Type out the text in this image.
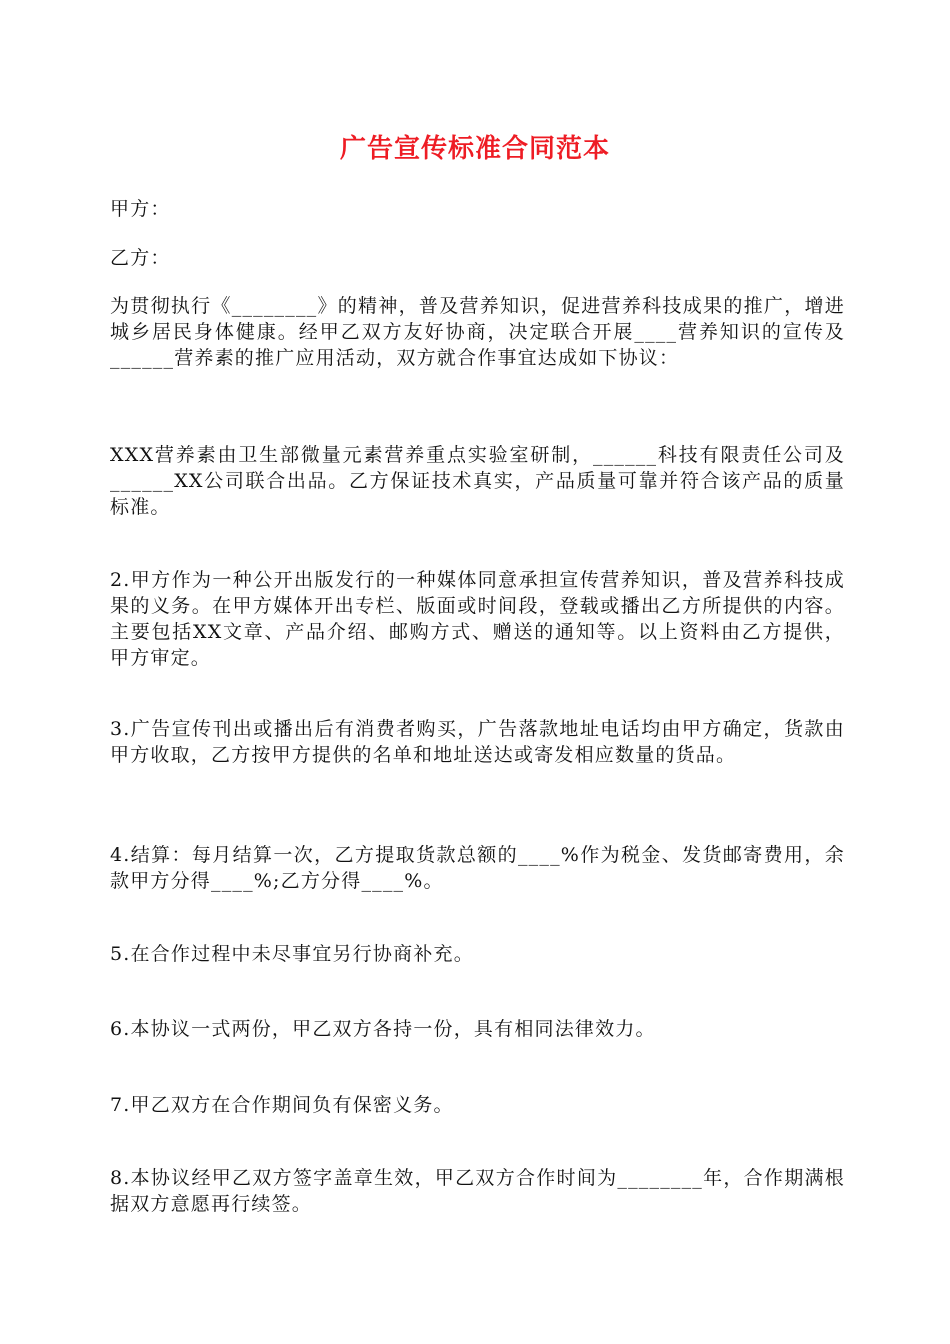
广告宣传标准合同范本

甲方：

乙方：

为贯彻执行《________》的精神，普及营养知识，促进营养科技成果的推广，增进城乡居民身体健康。经甲乙双方友好协商，决定联合开展____营养知识的宣传及______营养素的推广应用活动，双方就合作事宜达成如下协议：

XXX营养素由卫生部微量元素营养重点实验室研制，______科技有限责任公司及______XX公司联合出品。乙方保证技术真实，产品质量可靠并符合该产品的质量标准。

2.甲方作为一种公开出版发行的一种媒体同意承担宣传营养知识，普及营养科技成果的义务。在甲方媒体开出专栏、版面或时间段，登载或播出乙方所提供的内容。主要包括XX文章、产品介绍、邮购方式、赠送的通知等。以上资料由乙方提供，甲方审定。

3.广告宣传刊出或播出后有消费者购买，广告落款地址电话均由甲方确定，货款由甲方收取，乙方按甲方提供的名单和地址送达或寄发相应数量的货品。

4.结算：每月结算一次，乙方提取货款总额的____%作为税金、发货邮寄费用，余款甲方分得____%;乙方分得____%。

5.在合作过程中未尽事宜另行协商补充。

6.本协议一式两份，甲乙双方各持一份，具有相同法律效力。

7.甲乙双方在合作期间负有保密义务。

8.本协议经甲乙双方签字盖章生效，甲乙双方合作时间为________年，合作期满根据双方意愿再行续签。
